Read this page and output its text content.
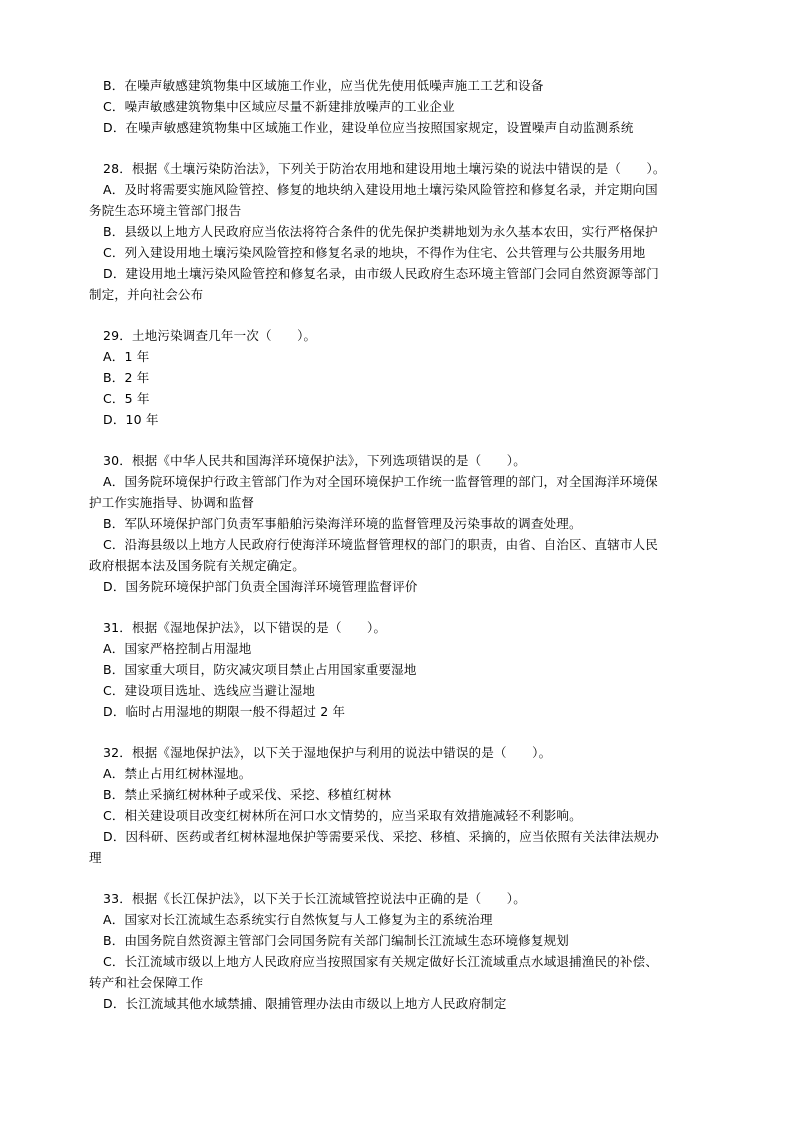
B．在噪声敏感建筑物集中区域施工作业，应当优先使用低噪声施工工艺和设备
C．噪声敏感建筑物集中区域应尽量不新建排放噪声的工业企业
D．在噪声敏感建筑物集中区域施工作业，建设单位应当按照国家规定，设置噪声自动监测系统
28．根据《土壤污染防治法》，下列关于防治农用地和建设用地土壤污染的说法中错误的是（　　）。
A．及时将需要实施风险管控、修复的地块纳入建设用地土壤污染风险管控和修复名录，并定期向国
务院生态环境主管部门报告
B．县级以上地方人民政府应当依法将符合条件的优先保护类耕地划为永久基本农田，实行严格保护
C．列入建设用地土壤污染风险管控和修复名录的地块，不得作为住宅、公共管理与公共服务用地
D．建设用地土壤污染风险管控和修复名录，由市级人民政府生态环境主管部门会同自然资源等部门
制定，并向社会公布
29．土地污染调查几年一次（　　）。
A．1 年
B．2 年
C．5 年
D．10 年
30．根据《中华人民共和国海洋环境保护法》，下列选项错误的是（　　）。
A．国务院环境保护行政主管部门作为对全国环境保护工作统一监督管理的部门，对全国海洋环境保
护工作实施指导、协调和监督
B．军队环境保护部门负责军事船舶污染海洋环境的监督管理及污染事故的调查处理。
C．沿海县级以上地方人民政府行使海洋环境监督管理权的部门的职责，由省、自治区、直辖市人民
政府根据本法及国务院有关规定确定。
D．国务院环境保护部门负责全国海洋环境管理监督评价
31．根据《湿地保护法》，以下错误的是（　　）。
A．国家严格控制占用湿地
B．国家重大项目，防灾减灾项目禁止占用国家重要湿地
C．建设项目选址、选线应当避让湿地
D．临时占用湿地的期限一般不得超过 2 年
32．根据《湿地保护法》，以下关于湿地保护与利用的说法中错误的是（　　）。
A．禁止占用红树林湿地。
B．禁止采摘红树林种子或采伐、采挖、移植红树林
C．相关建设项目改变红树林所在河口水文情势的，应当采取有效措施减轻不利影响。
D．因科研、医药或者红树林湿地保护等需要采伐、采挖、移植、采摘的，应当依照有关法律法规办
理
33．根据《长江保护法》，以下关于长江流域管控说法中正确的是（　　）。
A．国家对长江流域生态系统实行自然恢复与人工修复为主的系统治理
B．由国务院自然资源主管部门会同国务院有关部门编制长江流域生态环境修复规划
C．长江流域市级以上地方人民政府应当按照国家有关规定做好长江流域重点水域退捕渔民的补偿、
转产和社会保障工作
D．长江流域其他水域禁捕、限捕管理办法由市级以上地方人民政府制定
